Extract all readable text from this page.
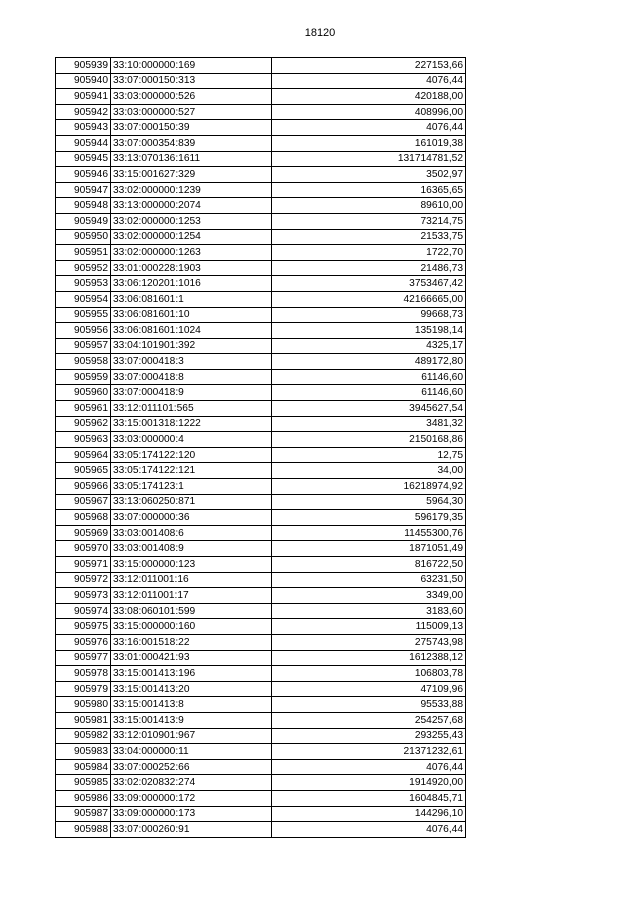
18120
905939	33:10:000000:169	227153,66
905940	33:07:000150:313	4076,44
905941	33:03:000000:526	420188,00
905942	33:03:000000:527	408996,00
905943	33:07:000150:39	4076,44
905944	33:07:000354:839	161019,38
905945	33:13:070136:1611	131714781,52
905946	33:15:001627:329	3502,97
905947	33:02:000000:1239	16365,65
905948	33:13:000000:2074	89610,00
905949	33:02:000000:1253	73214,75
905950	33:02:000000:1254	21533,75
905951	33:02:000000:1263	1722,70
905952	33:01:000228:1903	21486,73
905953	33:06:120201:1016	3753467,42
905954	33:06:081601:1	42166665,00
905955	33:06:081601:10	99668,73
905956	33:06:081601:1024	135198,14
905957	33:04:101901:392	4325,17
905958	33:07:000418:3	489172,80
905959	33:07:000418:8	61146,60
905960	33:07:000418:9	61146,60
905961	33:12:011101:565	3945627,54
905962	33:15:001318:1222	3481,32
905963	33:03:000000:4	2150168,86
905964	33:05:174122:120	12,75
905965	33:05:174122:121	34,00
905966	33:05:174123:1	16218974,92
905967	33:13:060250:871	5964,30
905968	33:07:000000:36	596179,35
905969	33:03:001408:6	11455300,76
905970	33:03:001408:9	1871051,49
905971	33:15:000000:123	816722,50
905972	33:12:011001:16	63231,50
905973	33:12:011001:17	3349,00
905974	33:08:060101:599	3183,60
905975	33:15:000000:160	115009,13
905976	33:16:001518:22	275743,98
905977	33:01:000421:93	1612388,12
905978	33:15:001413:196	106803,78
905979	33:15:001413:20	47109,96
905980	33:15:001413:8	95533,88
905981	33:15:001413:9	254257,68
905982	33:12:010901:967	293255,43
905983	33:04:000000:11	21371232,61
905984	33:07:000252:66	4076,44
905985	33:02:020832:274	1914920,00
905986	33:09:000000:172	1604845,71
905987	33:09:000000:173	144296,10
905988	33:07:000260:91	4076,44
